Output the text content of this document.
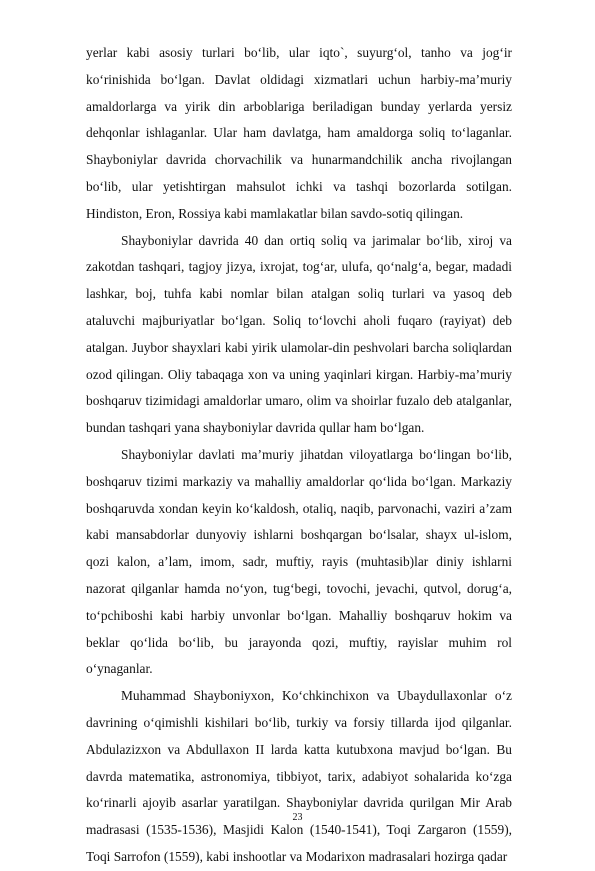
yerlar kabi asosiy turlari bo‘lib, ular iqto`, suyurg‘ol, tanho va jog‘ir ko‘rinishida bo‘lgan. Davlat oldidagi xizmatlari uchun harbiy-ma’muriy amaldorlarga va yirik din arboblariga beriladigan bunday yerlarda yersiz dehqonlar ishlaganlar. Ular ham davlatga, ham amaldorga soliq to‘laganlar. Shayboniylar davrida chorvachilik va hunarmandchilik ancha rivojlangan bo‘lib, ular yetishtirgan mahsulot ichki va tashqi bozorlarda sotilgan. Hindiston, Eron, Rossiya kabi mamlakatlar bilan savdo-sotiq qilingan.

Shayboniylar davrida 40 dan ortiq soliq va jarimalar bo‘lib, xiroj va zakotdan tashqari, tagjoy jizya, ixrojat, tog‘ar, ulufa, qo‘nalg‘a, begar, madadi lashkar, boj, tuhfa kabi nomlar bilan atalgan soliq turlari va yasoq deb ataluvchi majburiyatlar bo‘lgan. Soliq to‘lovchi aholi fuqaro (rayiyat) deb atalgan. Juybor shayxlari kabi yirik ulamolar-din peshvolari barcha soliqlardan ozod qilingan. Oliy tabaqaga xon va uning yaqinlari kirgan. Harbiy-ma’muriy boshqaruv tizimidagi amaldorlar umaro, olim va shoirlar fuzalo deb atalganlar, bundan tashqari yana shayboniylar davrida qullar ham bo‘lgan.

Shayboniylar davlati ma’muriy jihatdan viloyatlarga bo‘lingan bo‘lib, boshqaruv tizimi markaziy va mahalliy amaldorlar qo‘lida bo‘lgan. Markaziy boshqaruvda xondan keyin ko‘kaldosh, otaliq, naqib, parvonachi, vaziri a’zam kabi mansabdorlar dunyoviy ishlarni boshqargan bo‘lsalar, shayx ul-islom, qozi kalon, a’lam, imom, sadr, muftiy, rayis (muhtasib)lar diniy ishlarni nazorat qilganlar hamda no‘yon, tug‘begi, tovochi, jevachi, qutvol, dorug‘a, to‘pchiboshi kabi harbiy unvonlar bo‘lgan. Mahalliy boshqaruv hokim va beklar qo‘lida bo‘lib, bu jarayonda qozi, muftiy, rayislar muhim rol o‘ynaganlar.

Muhammad Shayboniyxon, Ko‘chkinchixon va Ubaydullaxonlar o‘z davrining o‘qimishli kishilari bo‘lib, turkiy va forsiy tillarda ijod qilganlar. Abdulazizxon va Abdullaxon II larda katta kutubxona mavjud bo‘lgan. Bu davrda matematika, astronomiya, tibbiyot, tarix, adabiyot sohalarida ko‘zga ko‘rinarli ajoyib asarlar yaratilgan. Shayboniylar davrida qurilgan Mir Arab madrasasi (1535-1536), Masjidi Kalon (1540-1541), Toqi Zargaron (1559), Toqi Sarrofon (1559), kabi inshootlar va Modarixon madrasalari hozirga qadar

23
